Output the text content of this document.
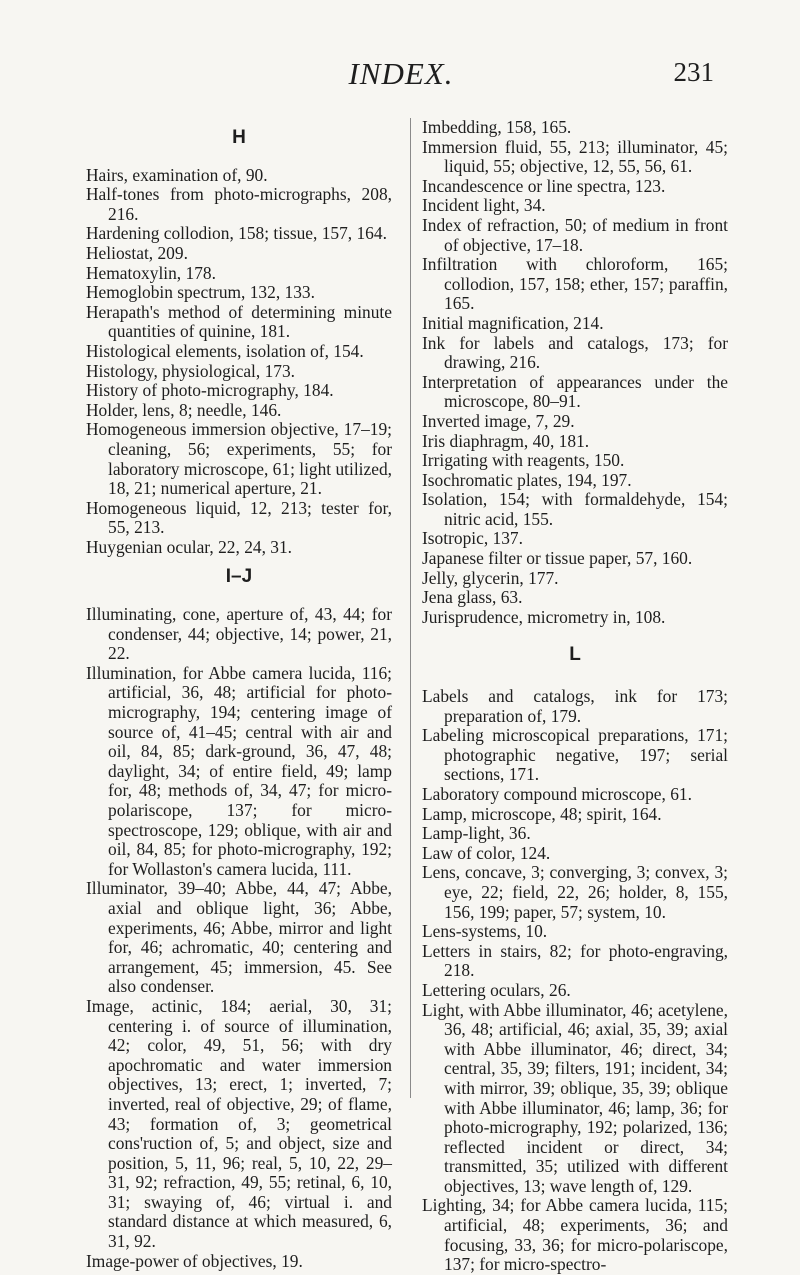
INDEX.	231
H

Hairs, examination of, 90.

Half-tones from photo-micrographs, 208, 216.

Hardening collodion, 158; tissue, 157, 164.

Heliostat, 209.

Hematoxylin, 178.

Hemoglobin spectrum, 132, 133.

Herapath's method of determining minute quantities of quinine, 181.

Histological elements, isolation of, 154.

Histology, physiological, 173.

History of photo-micrography, 184.

Holder, lens, 8; needle, 146.

Homogeneous immersion objective, 17–19; cleaning, 56; experiments, 55; for laboratory microscope, 61; light utilized, 18, 21; numerical aperture, 21.

Homogeneous liquid, 12, 213; tester for, 55, 213.

Huygenian ocular, 22, 24, 31.

I–J

Illuminating, cone, aperture of, 43, 44; for condenser, 44; objective, 14; power, 21, 22.

Illumination, for Abbe camera lucida, 116; artificial, 36, 48; artificial for photo-micrography, 194; centering image of source of, 41–45; central with air and oil, 84, 85; dark-ground, 36, 47, 48; daylight, 34; of entire field, 49; lamp for, 48; methods of, 34, 47; for micro-polariscope, 137; for micro-spectroscope, 129; oblique, with air and oil, 84, 85; for photo-micrography, 192; for Wollaston's camera lucida, 111.

Illuminator, 39–40; Abbe, 44, 47; Abbe, axial and oblique light, 36; Abbe, experiments, 46; Abbe, mirror and light for, 46; achromatic, 40; centering and arrangement, 45; immersion, 45. See also condenser.

Image, actinic, 184; aerial, 30, 31; centering i. of source of illumination, 42; color, 49, 51, 56; with dry apochromatic and water immersion objectives, 13; erect, 1; inverted, 7; inverted, real of objective, 29; of flame, 43; formation of, 3; geometrical cons'ruction of, 5; and object, size and position, 5, 11, 96; real, 5, 10, 22, 29–31, 92; refraction, 49, 55; retinal, 6, 10, 31; swaying of, 46; virtual i. and standard distance at which measured, 6, 31, 92.

Image-power of objectives, 19.

Imbedding, 158, 165.

Immersion fluid, 55, 213; illuminator, 45; liquid, 55; objective, 12, 55, 56, 61.

Incandescence or line spectra, 123.

Incident light, 34.

Index of refraction, 50; of medium in front of objective, 17–18.

Infiltration with chloroform, 165; collodion, 157, 158; ether, 157; paraffin, 165.

Initial magnification, 214.

Ink for labels and catalogs, 173; for drawing, 216.

Interpretation of appearances under the microscope, 80–91.

Inverted image, 7, 29.

Iris diaphragm, 40, 181.

Irrigating with reagents, 150.

Isochromatic plates, 194, 197.

Isolation, 154; with formaldehyde, 154; nitric acid, 155.

Isotropic, 137.

Japanese filter or tissue paper, 57, 160.

Jelly, glycerin, 177.

Jena glass, 63.

Jurisprudence, micrometry in, 108.

L

Labels and catalogs, ink for 173; preparation of, 179.

Labeling microscopical preparations, 171; photographic negative, 197; serial sections, 171.

Laboratory compound microscope, 61.

Lamp, microscope, 48; spirit, 164.

Lamp-light, 36.

Law of color, 124.

Lens, concave, 3; converging, 3; convex, 3; eye, 22; field, 22, 26; holder, 8, 155, 156, 199; paper, 57; system, 10.

Lens-systems, 10.

Letters in stairs, 82; for photo-engraving, 218.

Lettering oculars, 26.

Light, with Abbe illuminator, 46; acetylene, 36, 48; artificial, 46; axial, 35, 39; axial with Abbe illuminator, 46; direct, 34; central, 35, 39; filters, 191; incident, 34; with mirror, 39; oblique, 35, 39; oblique with Abbe illuminator, 46; lamp, 36; for photo-micrography, 192; polarized, 136; reflected incident or direct, 34; transmitted, 35; utilized with different objectives, 13; wave length of, 129.

Lighting, 34; for Abbe camera lucida, 115; artificial, 48; experiments, 36; and focusing, 33, 36; for micro-polariscope, 137; for micro-spectro-
